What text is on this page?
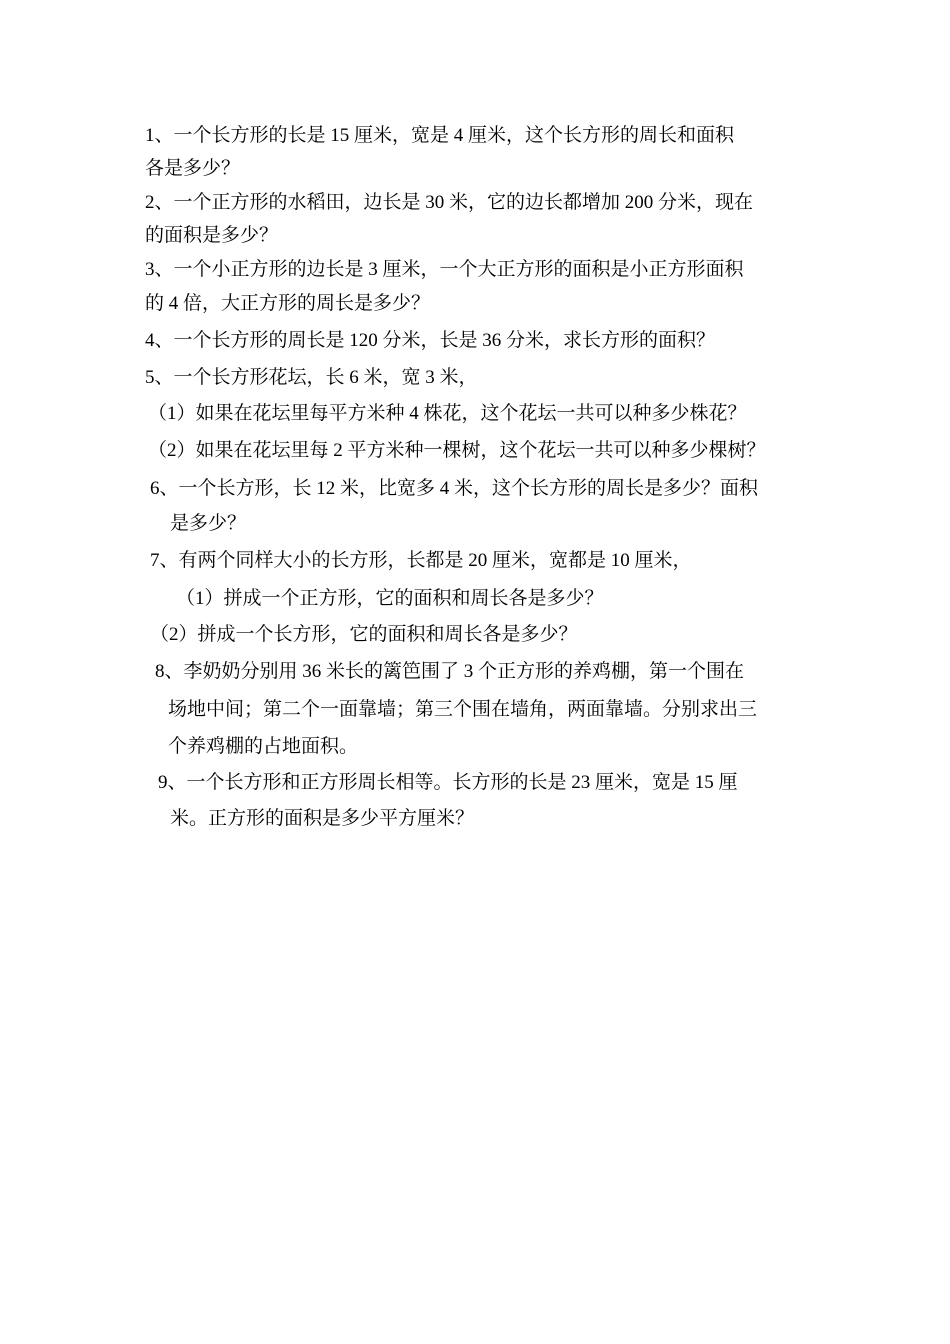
1、一个长方形的长是 15 厘米，宽是 4 厘米，这个长方形的周长和面积
各是多少？
2、一个正方形的水稻田，边长是 30 米，它的边长都增加 200 分米，现在
的面积是多少？
3、一个小正方形的边长是 3 厘米，一个大正方形的面积是小正方形面积
的 4 倍，大正方形的周长是多少？
4、一个长方形的周长是 120 分米，长是 36 分米，求长方形的面积？
5、一个长方形花坛，长 6 米，宽 3 米，
（1）如果在花坛里每平方米种 4 株花，这个花坛一共可以种多少株花？
（2）如果在花坛里每 2 平方米种一棵树，这个花坛一共可以种多少棵树？
6、一个长方形，长 12 米，比宽多 4 米，这个长方形的周长是多少？面积
是多少？
7、有两个同样大小的长方形，长都是 20 厘米，宽都是 10 厘米，
（1）拼成一个正方形，它的面积和周长各是多少？
（2）拼成一个长方形，它的面积和周长各是多少？
8、李奶奶分别用 36 米长的篱笆围了 3 个正方形的养鸡棚，第一个围在
场地中间；第二个一面靠墙；第三个围在墙角，两面靠墙。分别求出三
个养鸡棚的占地面积。
9、一个长方形和正方形周长相等。长方形的长是 23 厘米，宽是 15 厘
米。正方形的面积是多少平方厘米？
